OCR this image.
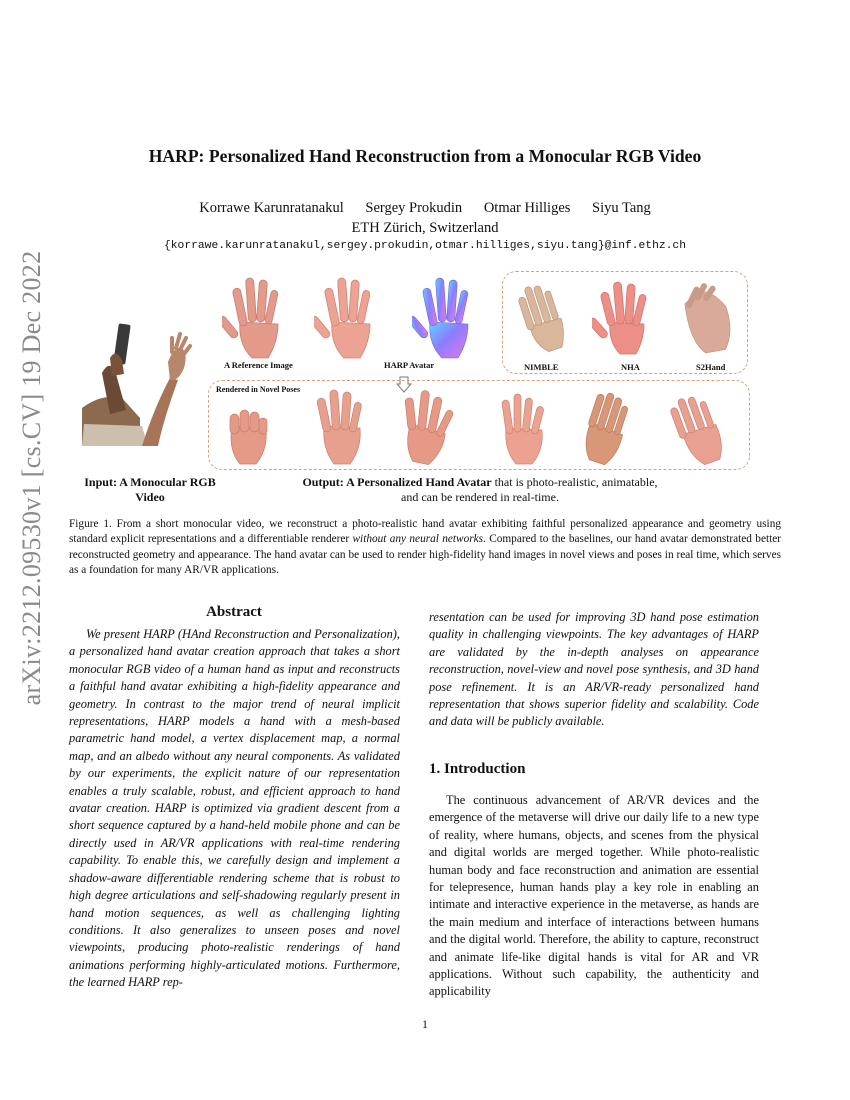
arXiv:2212.09530v1 [cs.CV] 19 Dec 2022
HARP: Personalized Hand Reconstruction from a Monocular RGB Video
Korrawe Karunratanakul Sergey Prokudin Otmar Hilliges Siyu Tang
ETH Zürich, Switzerland
{korrawe.karunratanakul,sergey.prokudin,otmar.hilliges,siyu.tang}@inf.ethz.ch
A Reference Image	HARP Avatar	NIMBLE	NHA	S2Hand
Rendered in Novel Poses
Input: A Monocular RGB Video
Output: A Personalized Hand Avatar that is photo-realistic, animatable, and can be rendered in real-time.
Figure 1. From a short monocular video, we reconstruct a photo-realistic hand avatar exhibiting faithful personalized appearance and geometry using standard explicit representations and a differentiable renderer without any neural networks. Compared to the baselines, our hand avatar demonstrated better reconstructed geometry and appearance. The hand avatar can be used to render high-fidelity hand images in novel views and poses in real time, which serves as a foundation for many AR/VR applications.
Abstract
We present HARP (HAnd Reconstruction and Personalization), a personalized hand avatar creation approach that takes a short monocular RGB video of a human hand as input and reconstructs a faithful hand avatar exhibiting a high-fidelity appearance and geometry. In contrast to the major trend of neural implicit representations, HARP models a hand with a mesh-based parametric hand model, a vertex displacement map, a normal map, and an albedo without any neural components. As validated by our experiments, the explicit nature of our representation enables a truly scalable, robust, and efficient approach to hand avatar creation. HARP is optimized via gradient descent from a short sequence captured by a hand-held mobile phone and can be directly used in AR/VR applications with real-time rendering capability. To enable this, we carefully design and implement a shadow-aware differentiable rendering scheme that is robust to high degree articulations and self-shadowing regularly present in hand motion sequences, as well as challenging lighting conditions. It also generalizes to unseen poses and novel viewpoints, producing photo-realistic renderings of hand animations performing highly-articulated motions. Furthermore, the learned HARP rep-
resentation can be used for improving 3D hand pose estimation quality in challenging viewpoints. The key advantages of HARP are validated by the in-depth analyses on appearance reconstruction, novel-view and novel pose synthesis, and 3D hand pose refinement. It is an AR/VR-ready personalized hand representation that shows superior fidelity and scalability. Code and data will be publicly available.
1. Introduction
The continuous advancement of AR/VR devices and the emergence of the metaverse will drive our daily life to a new type of reality, where humans, objects, and scenes from the physical and digital worlds are merged together. While photo-realistic human body and face reconstruction and animation are essential for telepresence, human hands play a key role in enabling an intimate and interactive experience in the metaverse, as hands are the main medium and interface of interactions between humans and the digital world. Therefore, the ability to capture, reconstruct and animate life-like digital hands is vital for AR and VR applications. Without such capability, the authenticity and applicability
1
